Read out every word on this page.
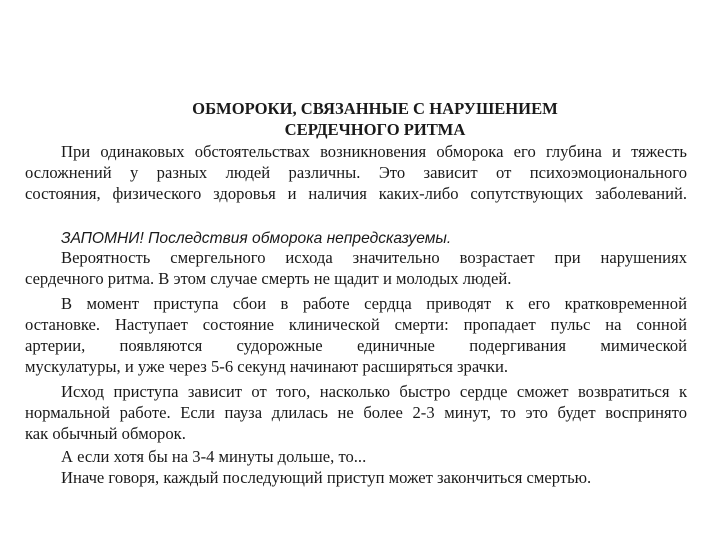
ОБМОРОКИ, СВЯЗАННЫЕ С НАРУШЕНИЕМ
СЕРДЕЧНОГО РИТМА
При одинаковых обстоятельствах возникновения обморока его глубина и тяжесть
осложнений у разных людей различны. Это зависит от психоэмоционального
состояния, физического здоровья и наличия каких-либо сопутствующих заболеваний.
ЗАПОМНИ! Последствия обморока непредсказуемы.
Вероятность смергельного исхода значительно возрастает при нарушениях
сердечного ритма. В этом случае смерть не щадит и молодых людей.
В момент приступа сбои в работе сердца приводят к его кратковременной
остановке. Наступает состояние клинической смерти: пропадает пульс на сонной
артерии, появляются судорожные единичные подергивания мимической
мускулатуры, и уже через 5-6 секунд начинают расширяться зрачки.
Исход приступа зависит от того, насколько быстро сердце сможет возвратиться к
нормальной работе. Если пауза длилась не более 2-3 минут, то это будет воспринято
как обычный обморок.
А если хотя бы на 3-4 минуты дольше, то...
Иначе говоря, каждый последующий приступ может закончиться смертью.
